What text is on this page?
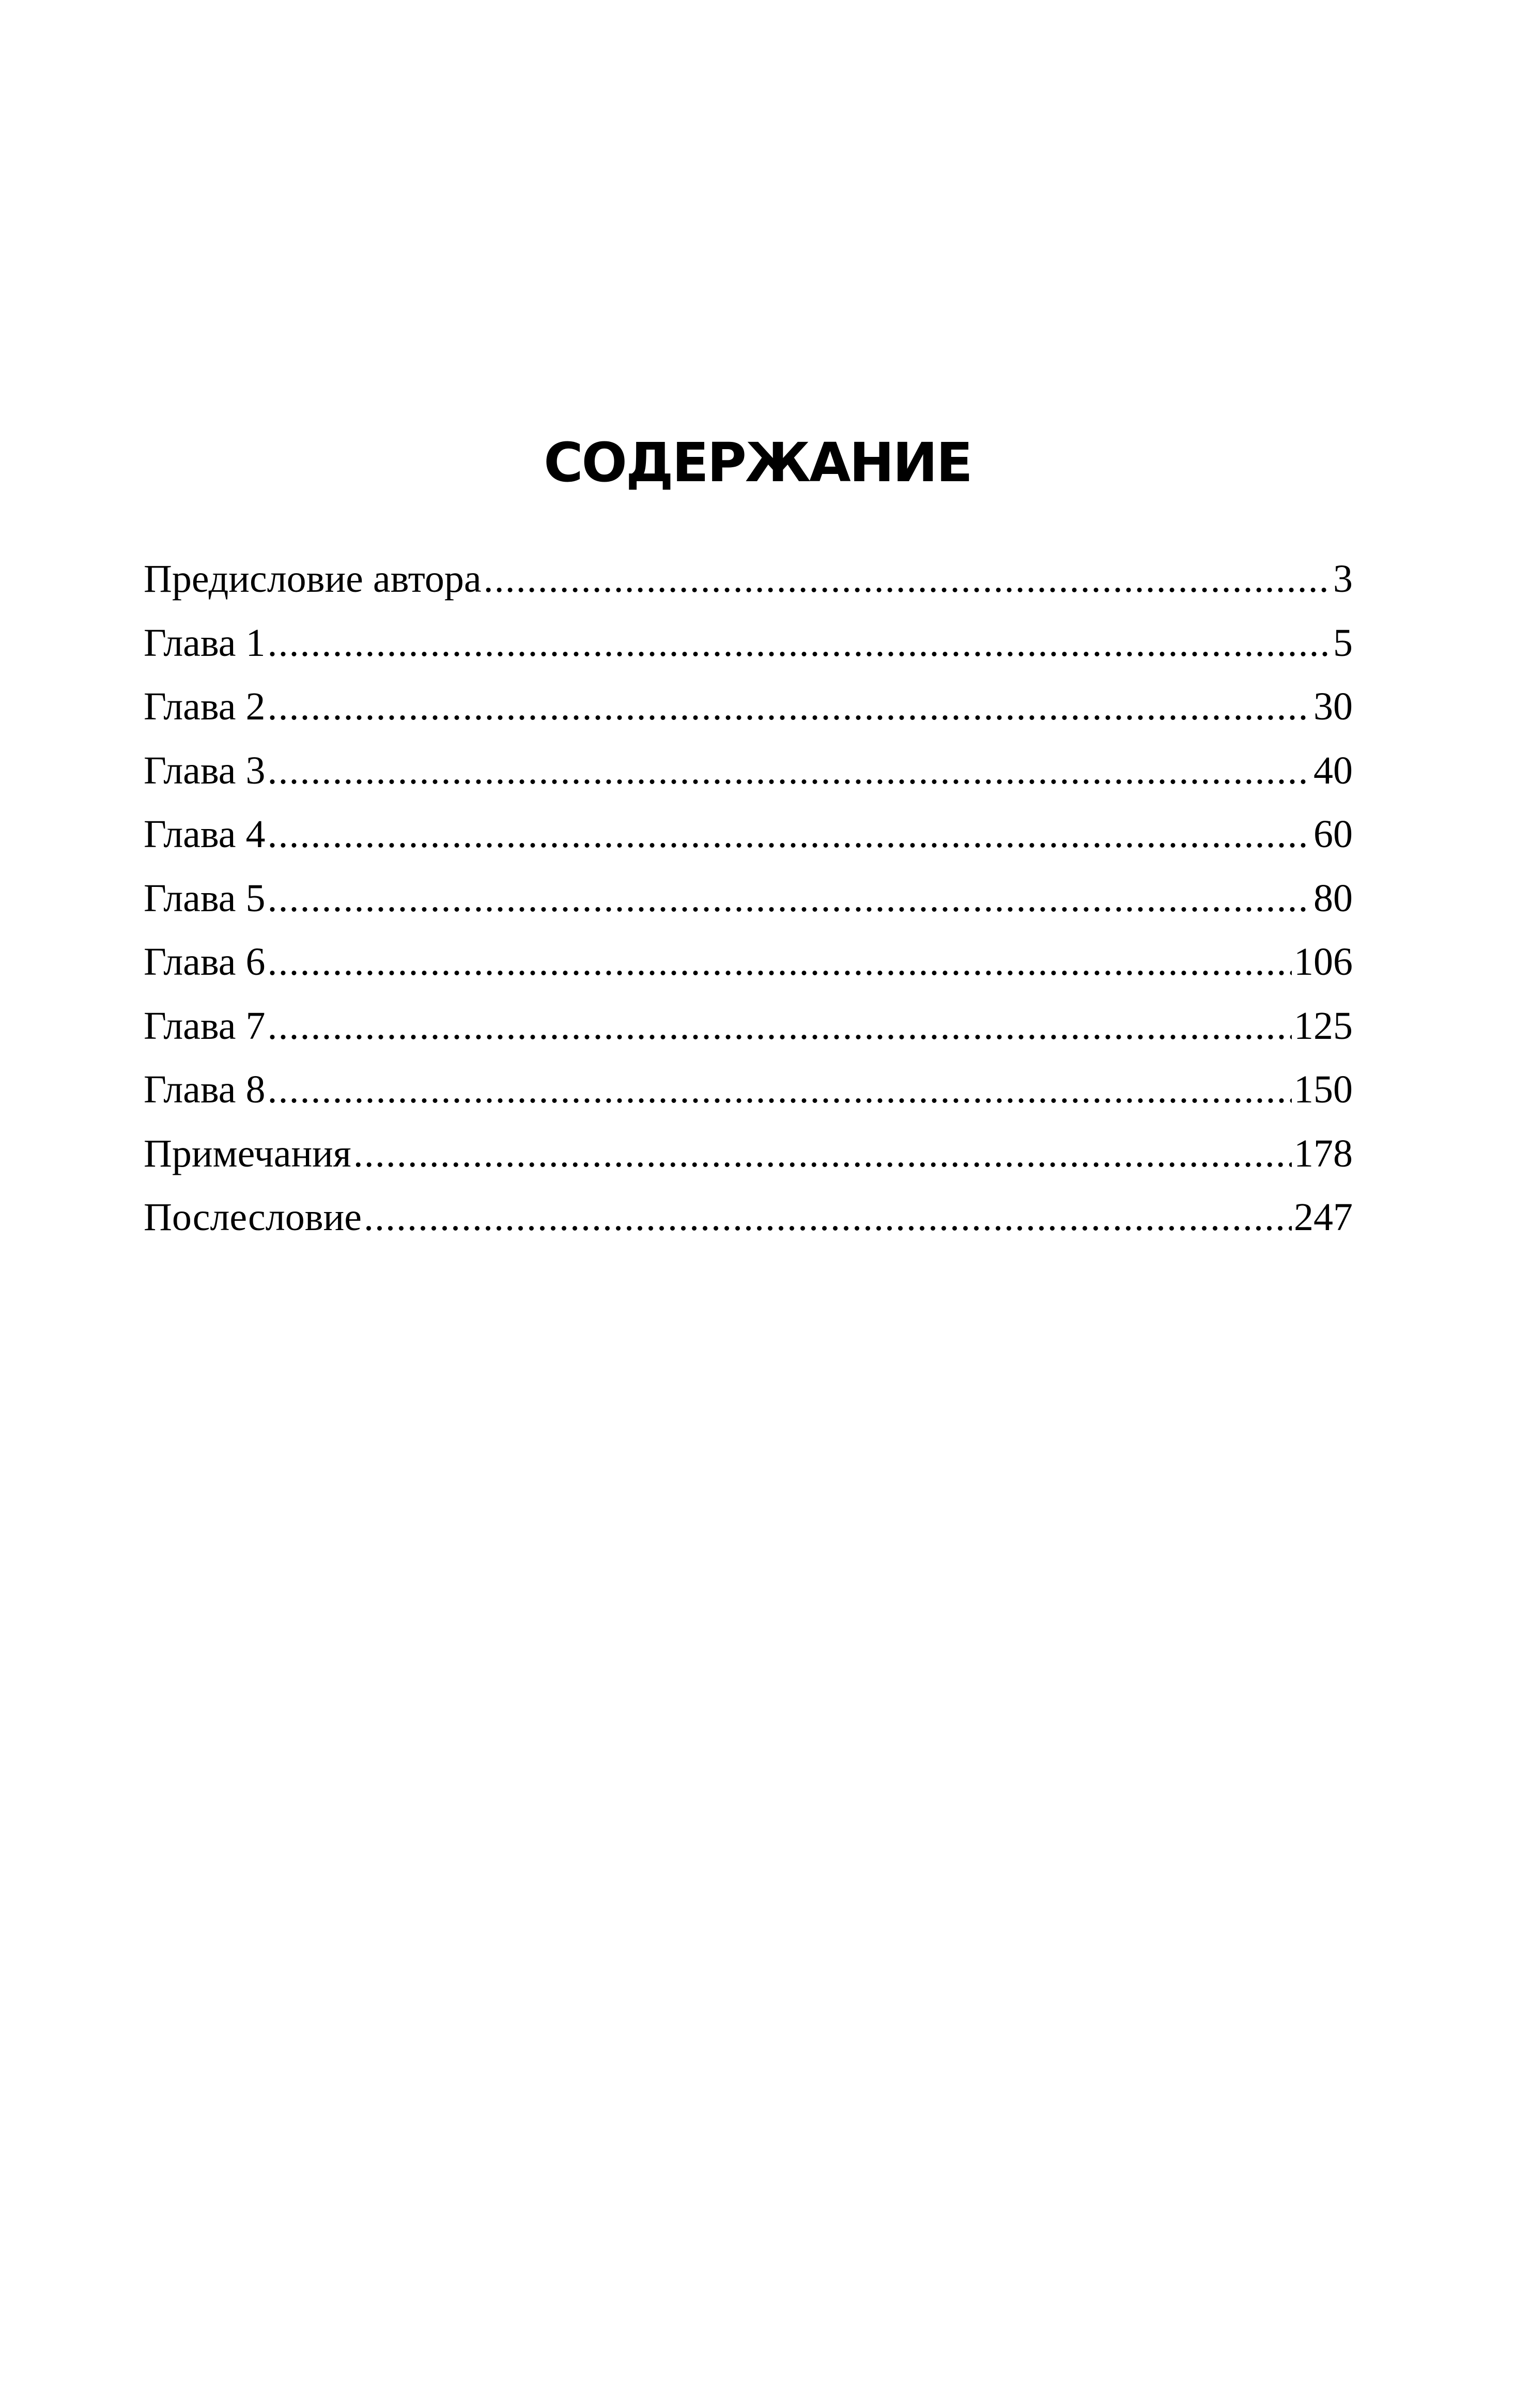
СОДЕРЖАНИЕ
Предисловие автора .....	3
Глава 1 .....	5
Глава 2 .....	30
Глава 3 .....	40
Глава 4 .....	60
Глава 5 .....	80
Глава 6 .....	106
Глава 7 .....	125
Глава 8 .....	150
Примечания .....	178
Послесловие .....	247
